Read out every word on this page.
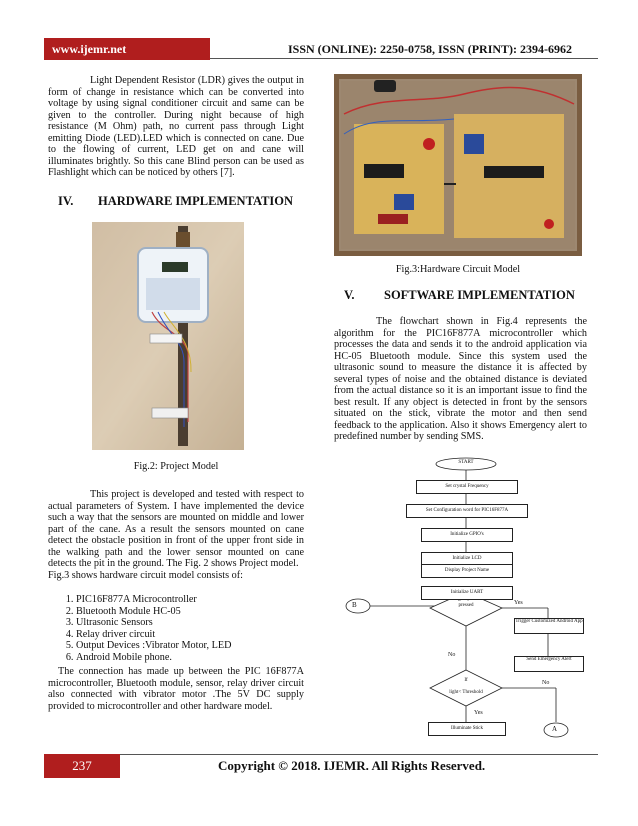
www.ijemr.net	ISSN (ONLINE): 2250-0758, ISSN (PRINT): 2394-6962

Light Dependent Resistor (LDR) gives the output in form of change in resistance which can be converted into voltage by using signal conditioner circuit and same can be given to the controller. During night because of high resistance (M Ohm) path, no current pass through Light emitting Diode (LED).LED which is connected on cane. Due to the flowing of current, LED get on and cane will illuminates brightly. So this cane Blind person can be used as Flashlight which can be noticed by others [7].

IV. HARDWARE IMPLEMENTATION
Fig.2: Project Model

This project is developed and tested with respect to actual parameters of System. I have implemented the device such a way that the sensors are mounted on middle and lower part of the cane. As a result the sensors mounted on cane detect the obstacle position in front of the upper front side in the walking path and the lower sensor mounted on cane detects the pit in the ground. The Fig. 2 shows Project model.

Fig.3 shows hardware circuit model consists of:

1. PIC16F877A Microcontroller
2. Bluetooth Module HC-05
3. Ultrasonic Sensors
4. Relay driver circuit
5. Output Devices :Vibrator Motor, LED
6. Android Mobile phone.

The connection has made up between the PIC 16F877A microcontroller, Bluetooth module, sensor, relay driver circuit also connected with vibrator motor .The 5V DC supply provided to microcontroller and other hardware model.

Fig.3:Hardware Circuit Model
V. SOFTWARE IMPLEMENTATION

The flowchart shown in Fig.4 represents the algorithm for the PIC16F877A microcontroller which processes the data and sends it to the android application via HC-05 Bluetooth module. Since this system used the ultrasonic sound to measure the distance it is affected by several types of noise and the obtained distance is deviated from the actual distance so it is an important issue to find the best result. If any object is detected in front by the sensors situated on the stick, vibrate the motor and then send feedback to the application. Also it shows Emergency alert to predefined number by sending SMS.

START
Set crystal Frequency
Set Configuration word for PIC16F877A
Initialize GPIO's
Initialize LCD
B	pressed	Yes
No
Trigger Customized Android App
Send Emergency Alert
If
light< Threshold
No
Yes
Illuminate Stick	A
Display Project Name
Initialize UART
237	Copyright © 2018. IJEMR. All Rights Reserved.
